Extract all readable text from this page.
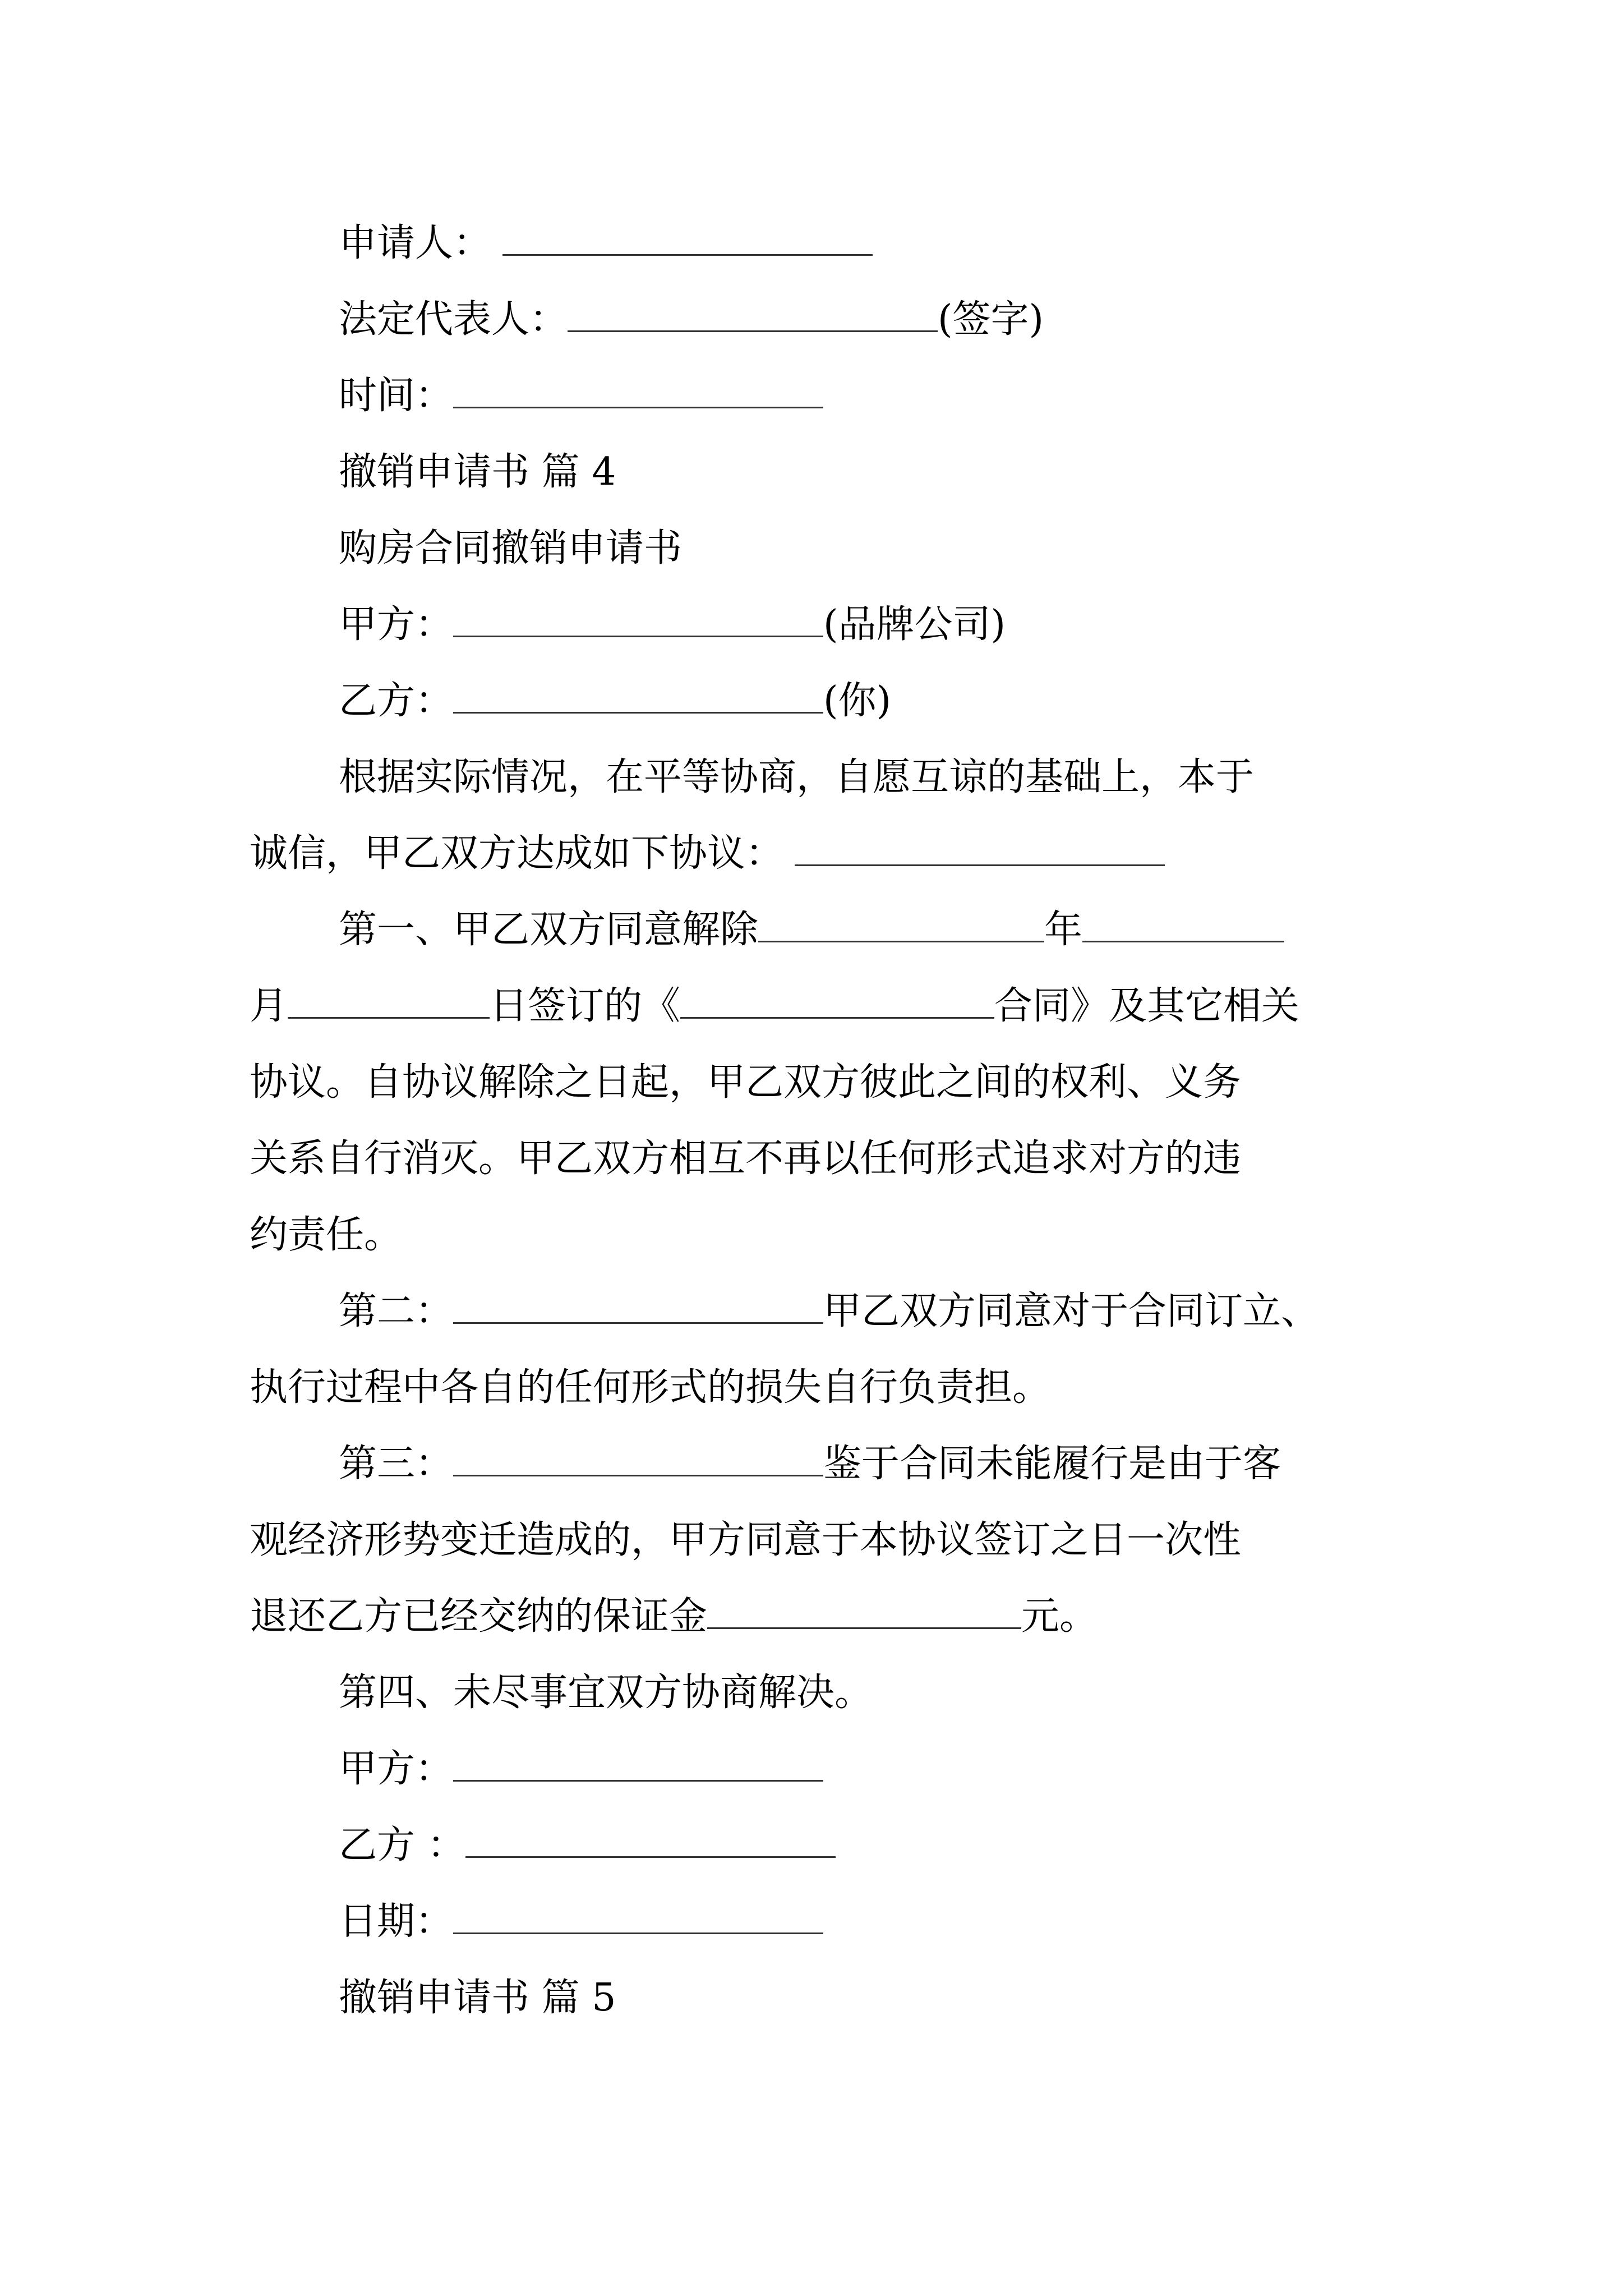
申请人：
法定代表人：	(签字)
时间：
撤销申请书 篇 4
购房合同撤销申请书
甲方：	(品牌公司)
乙方：	(你)
根据实际情况，在平等协商，自愿互谅的基础上，本于
诚信，甲乙双方达成如下协议：
第一、甲乙双方同意解除	年
月	日签订的《	合同》及其它相关
协议。自协议解除之日起，甲乙双方彼此之间的权利、义务
关系自行消灭。甲乙双方相互不再以任何形式追求对方的违
约责任。
第二：	甲乙双方同意对于合同订立、
执行过程中各自的任何形式的损失自行负责担。
第三：	鉴于合同未能履行是由于客
观经济形势变迁造成的，甲方同意于本协议签订之日一次性
退还乙方已经交纳的保证金	元。
第四、未尽事宜双方协商解决。
甲方：
乙方 ：
日期：
撤销申请书 篇 5
